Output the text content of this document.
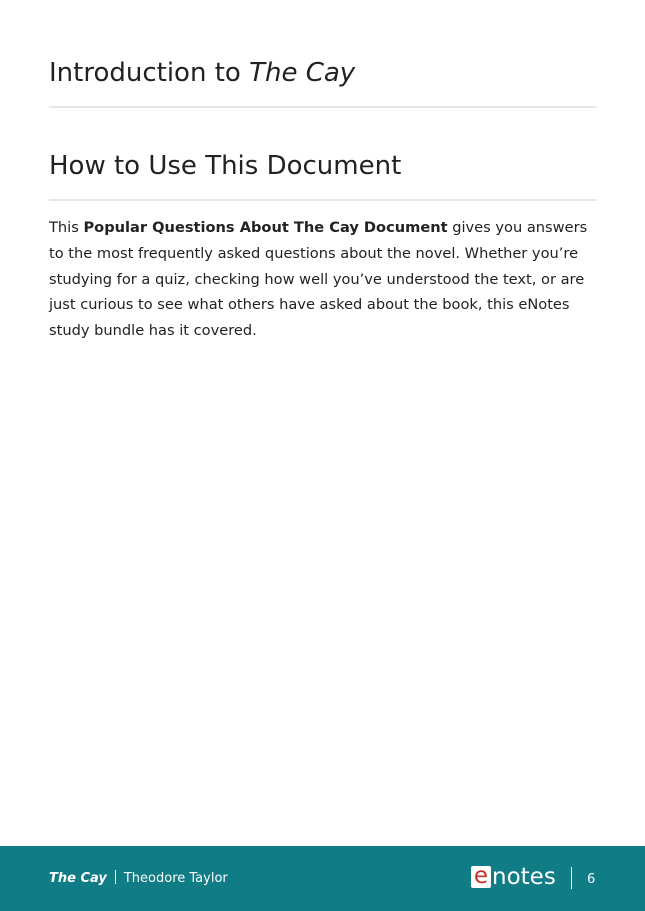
Introduction to The Cay
How to Use This Document

This Popular Questions About The Cay Document gives you answers to the most frequently asked questions about the novel. Whether you’re studying for a quiz, checking how well you’ve understood the text, or are just curious to see what others have asked about the book, this eNotes study bundle has it covered.

The Cay Theodore Taylor	e notes 6
